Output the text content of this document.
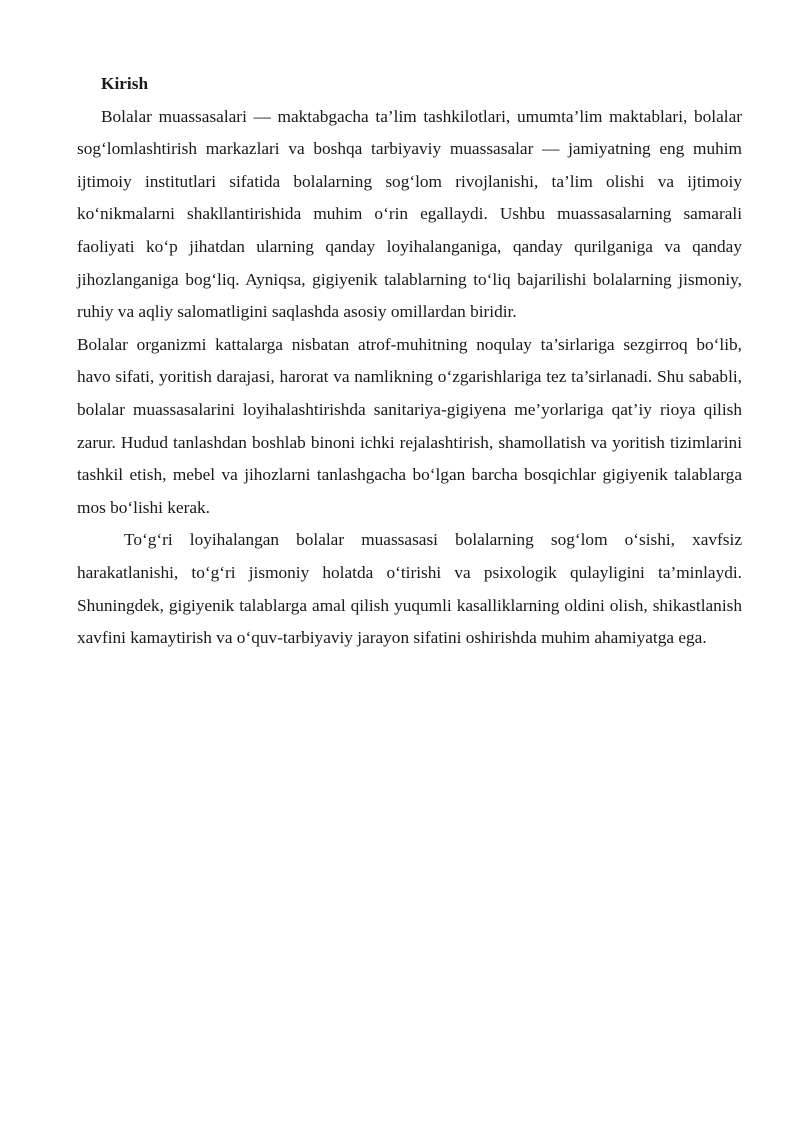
Kirish

Bolalar muassasalari — maktabgacha ta’lim tashkilotlari, umumta’lim maktablari, bolalar sog‘lomlashtirish markazlari va boshqa tarbiyaviy muassasalar — jamiyatning eng muhim ijtimoiy institutlari sifatida bolalarning sog‘lom rivojlanishi, ta’lim olishi va ijtimoiy ko‘nikmalarni shakllantirishida muhim o‘rin egallaydi. Ushbu muassasalarning samarali faoliyati ko‘p jihatdan ularning qanday loyihalanganiga, qanday qurilganiga va qanday jihozlanganiga bog‘liq. Ayniqsa, gigiyenik talablarning to‘liq bajarilishi bolalarning jismoniy, ruhiy va aqliy salomatligini saqlashda asosiy omillardan biridir.

Bolalar organizmi kattalarga nisbatan atrof-muhitning noqulay ta’sirlariga sezgirroq bo‘lib, havo sifati, yoritish darajasi, harorat va namlikning o‘zgarishlariga tez ta’sirlanadi. Shu sababli, bolalar muassasalarini loyihalashtirishda sanitariya-gigiyena me’yorlariga qat’iy rioya qilish zarur. Hudud tanlashdan boshlab binoni ichki rejalashtirish, shamollatish va yoritish tizimlarini tashkil etish, mebel va jihozlarni tanlashgacha bo‘lgan barcha bosqichlar gigiyenik talablarga mos bo‘lishi kerak.

To‘g‘ri loyihalangan bolalar muassasasi bolalarning sog‘lom o‘sishi, xavfsiz harakatlanishi, to‘g‘ri jismoniy holatda o‘tirishi va psixologik qulayligini ta’minlaydi. Shuningdek, gigiyenik talablarga amal qilish yuqumli kasalliklarning oldini olish, shikastlanish xavfini kamaytirish va o‘quv-tarbiyaviy jarayon sifatini oshirishda muhim ahamiyatga ega.
